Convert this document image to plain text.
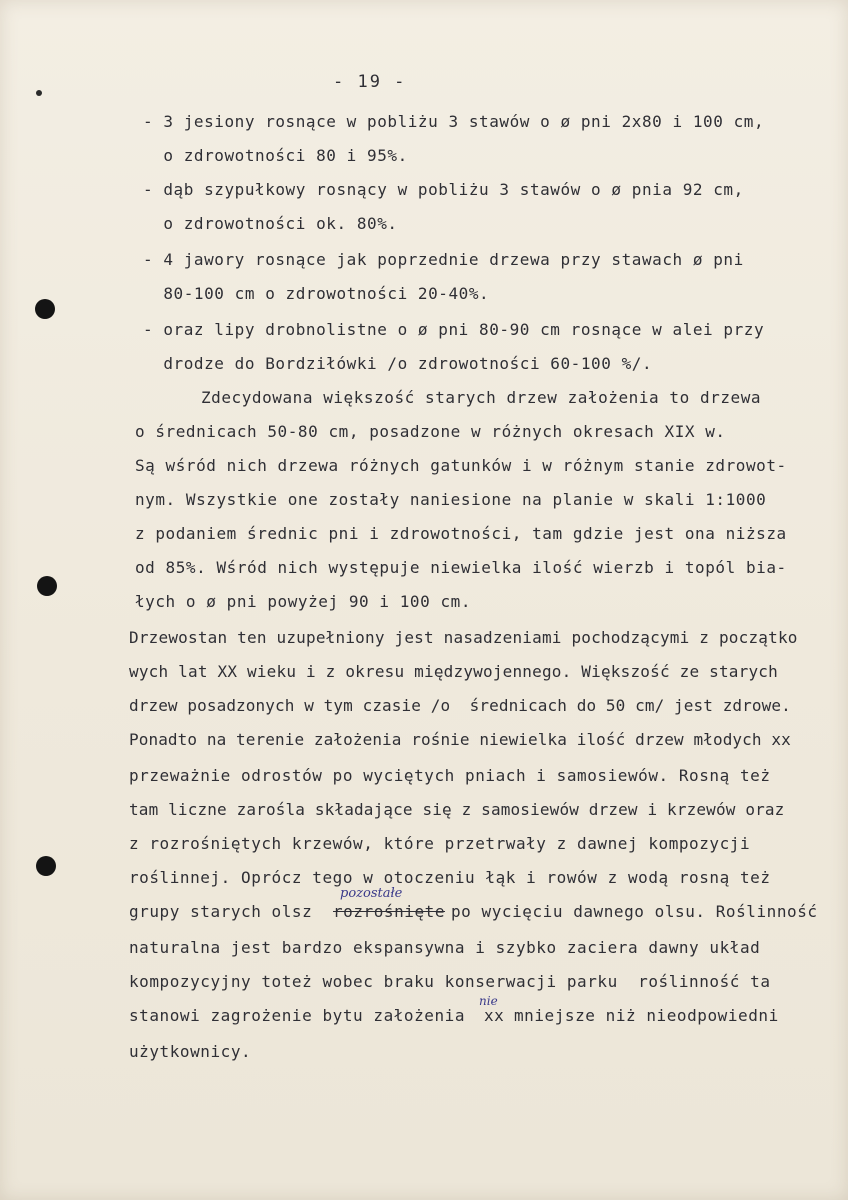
- 19 -
- 3 jesiony rosnące w pobliżu 3 stawów o ø pni 2x80 i 100 cm,
o zdrowotności 80 i 95%.
- dąb szypułkowy rosnący w pobliżu 3 stawów o ø pnia 92 cm,
o zdrowotności ok. 80%.
- 4 jawory rosnące jak poprzednie drzewa przy stawach ø pni
80-100 cm o zdrowotności 20-40%.
- oraz lipy drobnolistne o ø pni 80-90 cm rosnące w alei przy
drodze do Bordziłówki /o zdrowotności 60-100 %/.
Zdecydowana większość starych drzew założenia to drzewa
o średnicach 50-80 cm, posadzone w różnych okresach XIX w.
Są wśród nich drzewa różnych gatunków i w różnym stanie zdrowot-
nym. Wszystkie one zostały naniesione na planie w skali 1:1000
z podaniem średnic pni i zdrowotności, tam gdzie jest ona niższa
od 85%. Wśród nich występuje niewielka ilość wierzb i topól bia-
łych o ø pni powyżej 90 i 100 cm.
Drzewostan ten uzupełniony jest nasadzeniami pochodzącymi z początko
wych lat XX wieku i z okresu międzywojennego. Większość ze starych
drzew posadzonych w tym czasie /o  średnicach do 50 cm/ jest zdrowe.
Ponadto na terenie założenia rośnie niewielka ilość drzew młodych xx
przeważnie odrostów po wyciętych pniach i samosiewów. Rosną też
tam liczne zarośla składające się z samosiewów drzew i krzewów oraz
z rozrośniętych krzewów, które przetrwały z dawnej kompozycji
roślinnej. Oprócz tego w otoczeniu łąk i rowów z wodą rosną też
grupy starych olsz rozrośnięte po wycięciu dawnego olsu. Roślinność
pozostałe
naturalna jest bardzo ekspansywna i szybko zaciera dawny układ
kompozycyjny toteż wobec braku konserwacji parku  roślinność ta
stanowi zagrożenie bytu założenia xx mniejsze niż nieodpowiedni
nie
użytkownicy.
